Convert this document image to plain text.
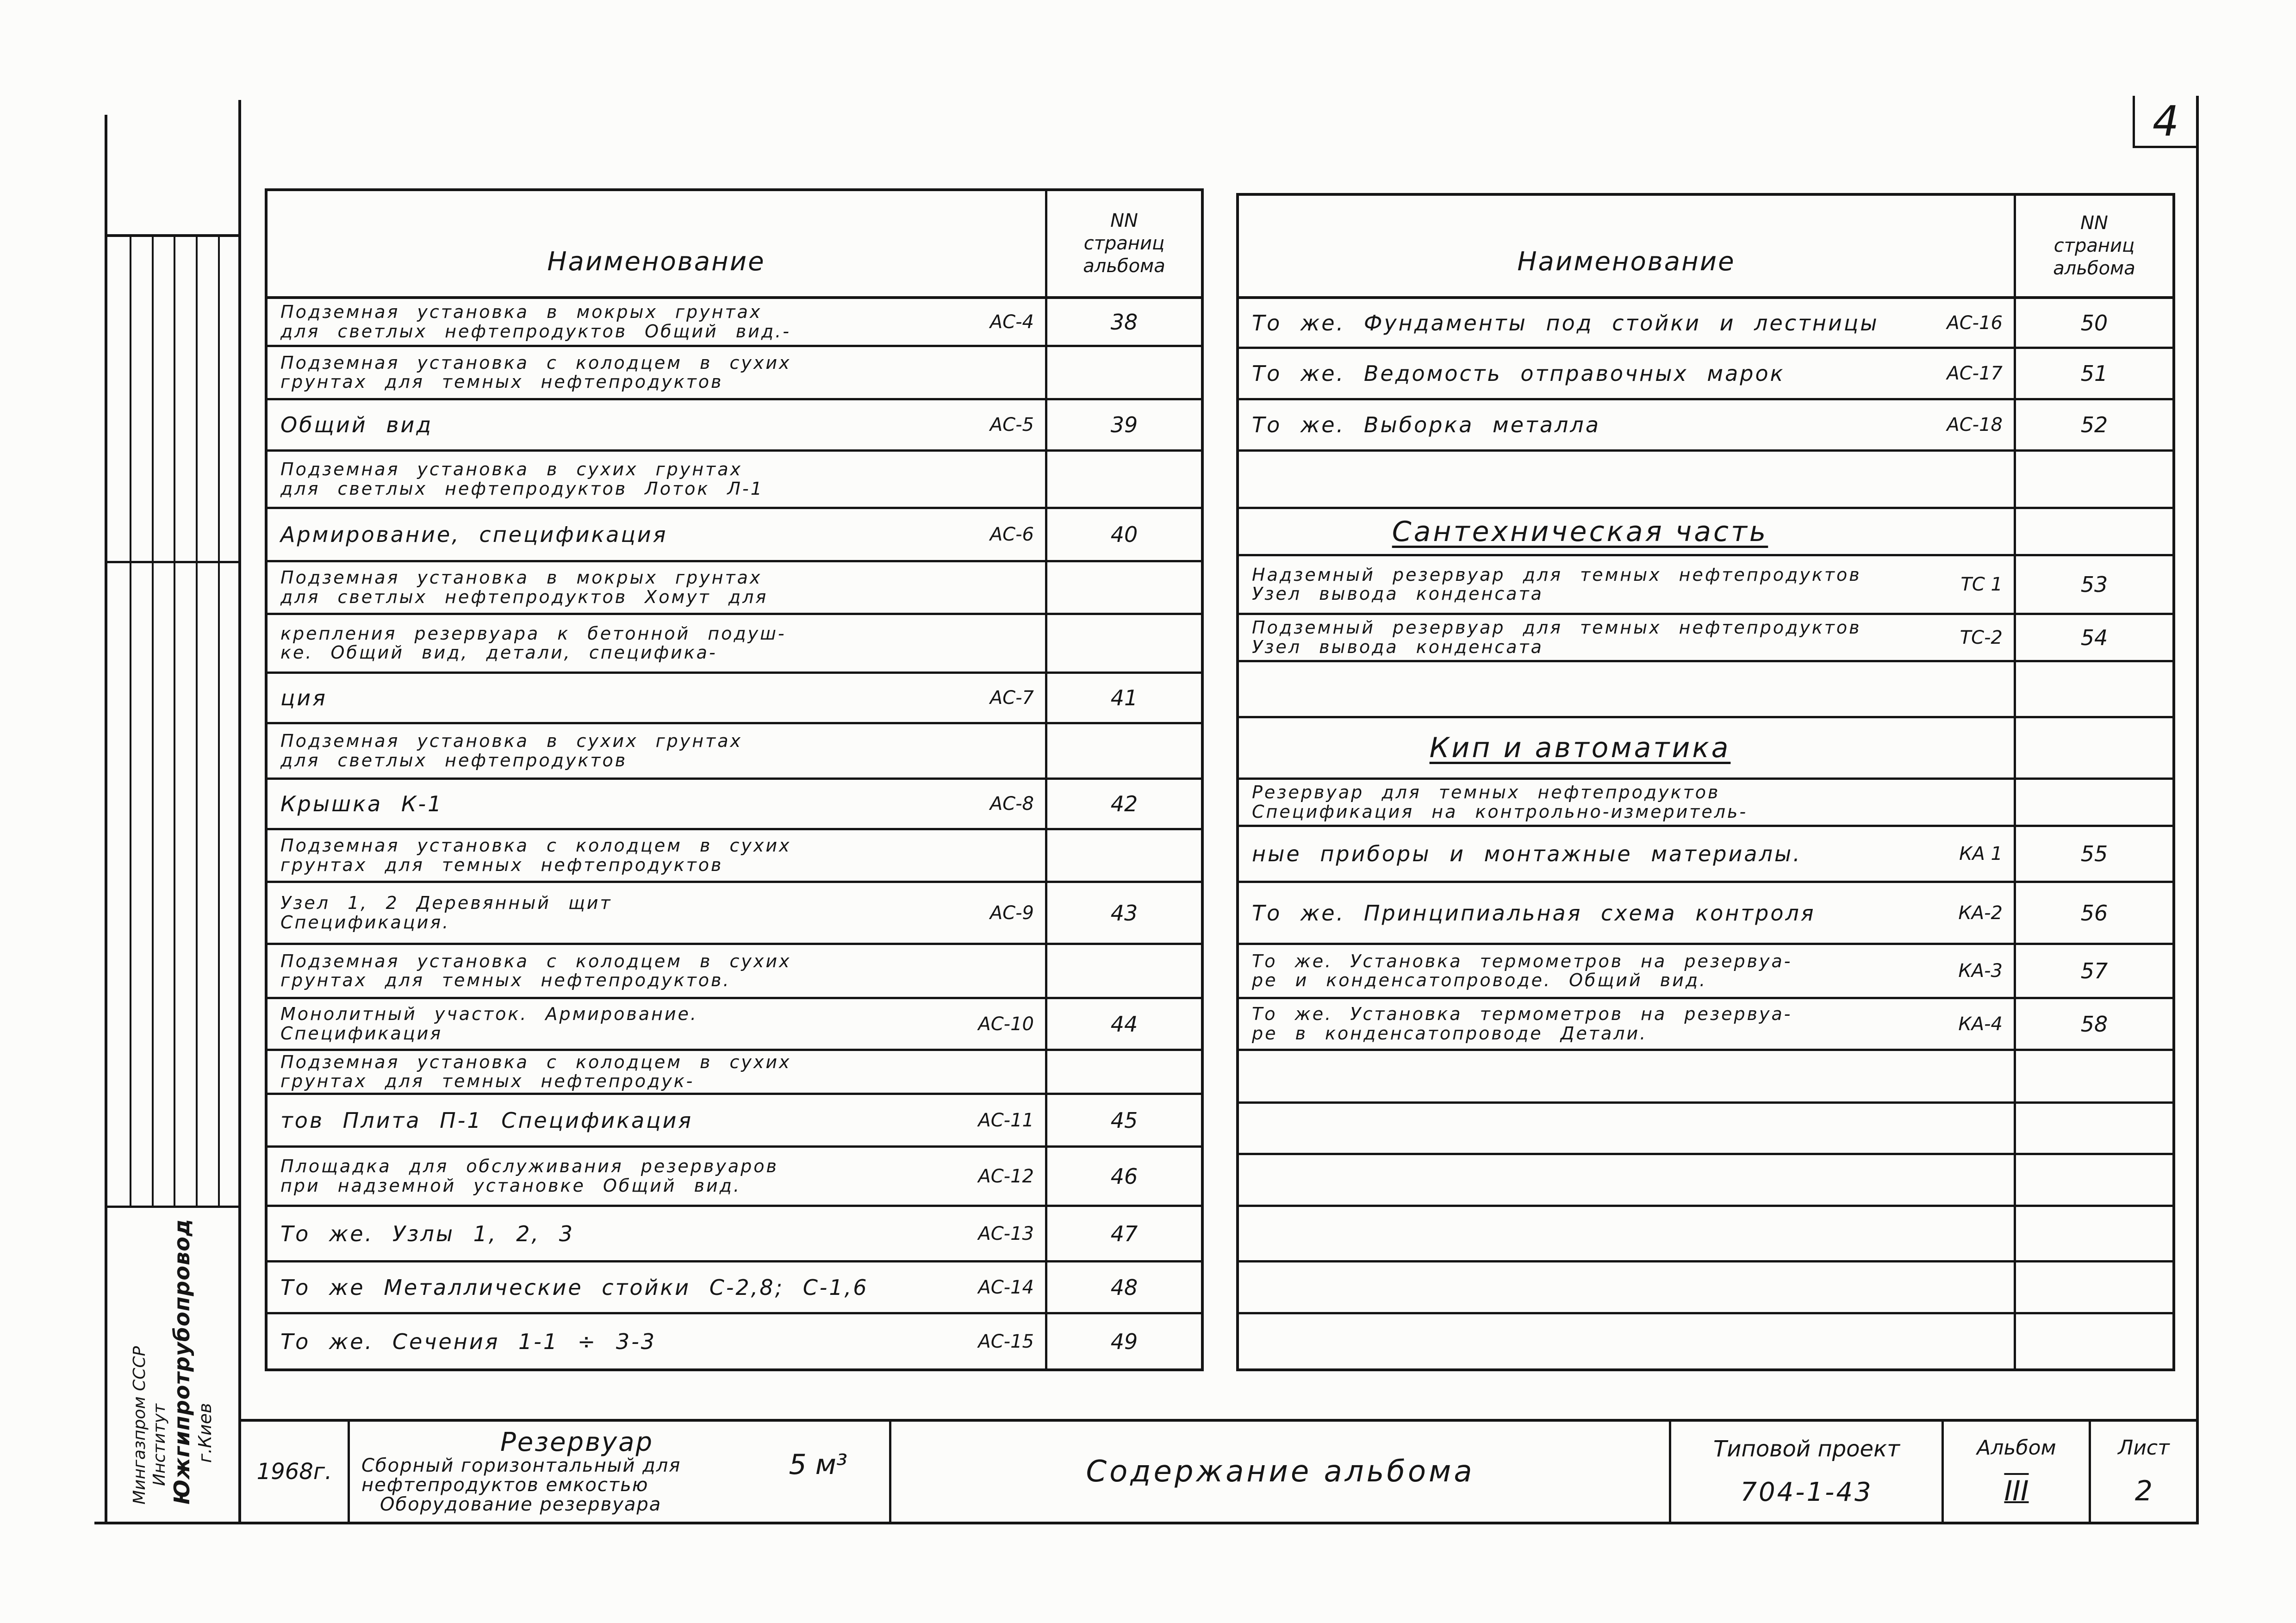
4
Мингазпром СССР Институт Южгипротрубопровод г.Киев
Наименование
NN
страниц
альбома
Подземная установка в мокрых грунтах
для светлых нефтепродуктов Общий вид.-	АС-4	38
Подземная установка с колодцем в сухих
грунтах для темных нефтепродуктов
Общий вид	АС-5	39
Подземная установка в сухих грунтах
для светлых нефтепродуктов Лоток Л-1
Армирование, спецификация	АС-6	40
Подземная установка в мокрых грунтах
для светлых нефтепродуктов Хомут для
крепления резервуара к бетонной подуш-
ке. Общий вид, детали, специфика-
ция	АС-7	41
Подземная установка в сухих грунтах
для светлых нефтепродуктов
Крышка К-1	АС-8	42
Подземная установка с колодцем в сухих
грунтах для темных нефтепродуктов
Узел 1, 2 Деревянный щит
Спецификация.	АС-9	43
Подземная установка с колодцем в сухих
грунтах для темных нефтепродуктов.
Монолитный участок. Армирование.
Спецификация	АС-10	44
Подземная установка с колодцем в сухих
грунтах для темных нефтепродук-
тов Плита П-1 Спецификация	АС-11	45
Площадка для обслуживания резервуаров
при надземной установке Общий вид.	АС-12	46
То же. Узлы 1, 2, 3	АС-13	47
То же Металлические стойки С-2,8; С-1,6	АС-14	48
То же. Сечения 1-1 ÷ 3-3	АС-15	49
Наименование
NN
страниц
альбома
То же. Фундаменты под стойки и лестницы	АС-16	50
То же. Ведомость отправочных марок	АС-17	51
То же. Выборка металла	АС-18	52
Сантехническая часть
Надземный резервуар для темных нефтепродуктов
Узел вывода конденсата	ТС 1	53
Подземный резервуар для темных нефтепродуктов
Узел вывода конденсата	ТС-2	54
Кип и автоматика
Резервуар для темных нефтепродуктов
Спецификация на контрольно-измеритель-
ные приборы и монтажные материалы.	КА 1	55
То же. Принципиальная схема контроля	КА-2	56
То же. Установка термометров на резервуа-
ре и конденсатопроводе. Общий вид.	КА-3	57
То же. Установка термометров на резервуа-
ре в конденсатопроводе Детали.	КА-4	58
1968г.
Резервуар
Сборный горизонтальный для
нефтепродуктов емкостью
Оборудование резервуара
5 м³	Содержание альбома
Типовой проект
704-1-43
Альбом
III
Лист
2
